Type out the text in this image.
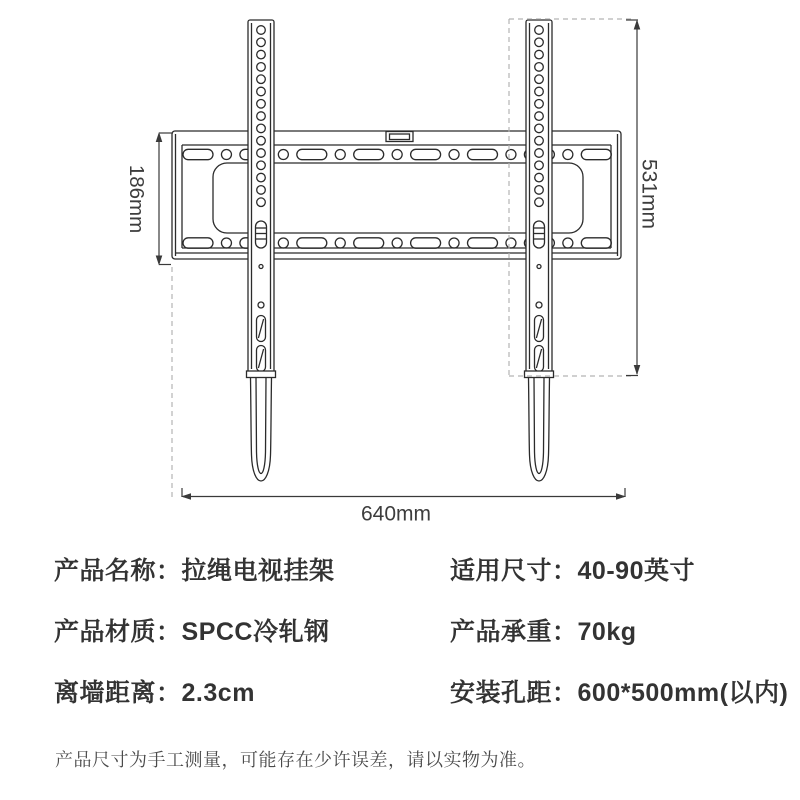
186mm	531mm
640mm
产品名称：拉绳电视挂架	适用尺寸：40-90英寸
产品材质：SPCC冷轧钢	产品承重：70kg
离墙距离：2.3cm	安装孔距：600*500mm(以内)
产品尺寸为手工测量，可能存在少许误差，请以实物为准。
